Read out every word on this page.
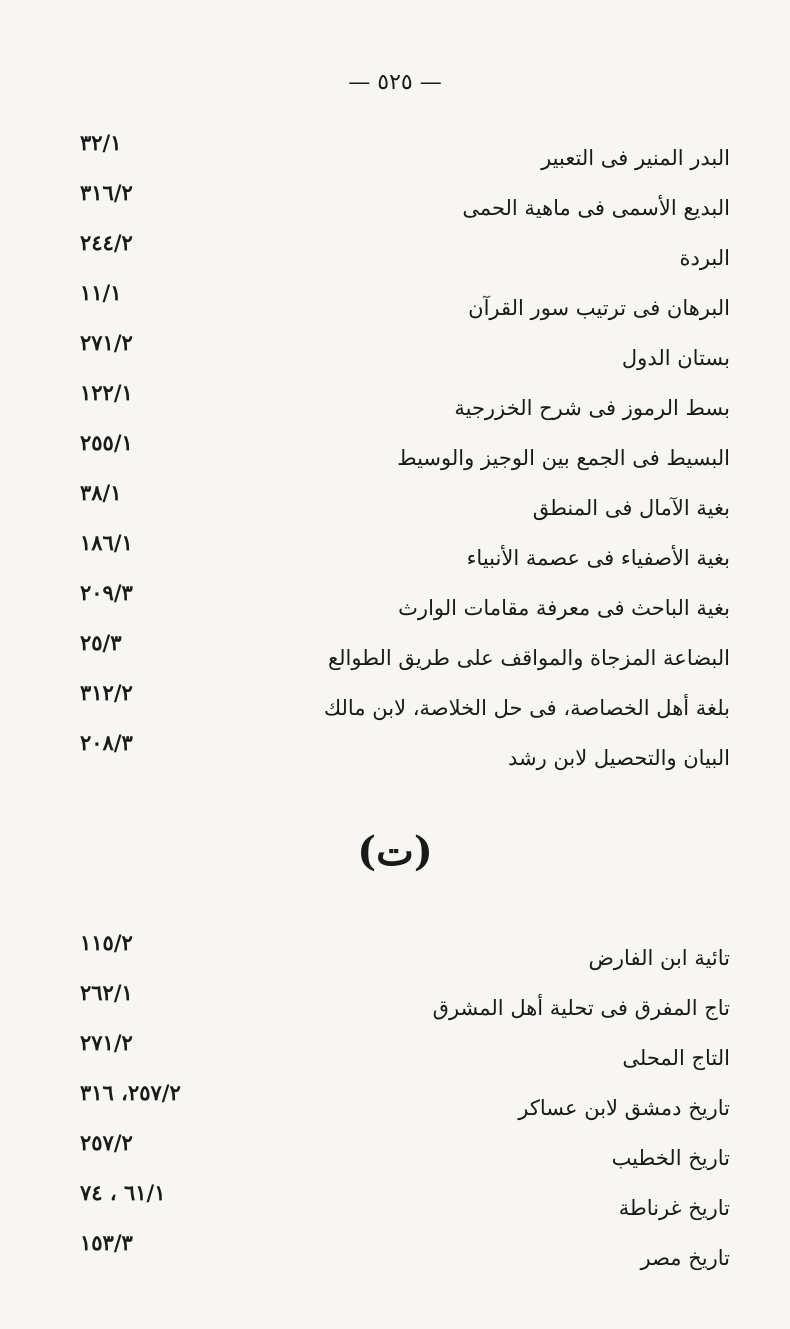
— ٥٢٥ —
٣٢/١
البدر المنير فى التعبير
٣١٦/٢
البديع الأسمى فى ماهية الحمى
٢٤٤/٢
البردة
١١/١
البرهان فى ترتيب سور القرآن
٢٧١/٢
بستان الدول
١٢٢/١
بسط الرموز فى شرح الخزرجية
٢٥٥/١
البسيط فى الجمع بين الوجيز والوسيط
٣٨/١
بغية الآمال فى المنطق
١٨٦/١
بغية الأصفياء فى عصمة الأنبياء
٢٠٩/٣
بغية الباحث فى معرفة مقامات الوارث
٢٥/٣
البضاعة المزجاة والمواقف على طريق الطوالع
٣١٢/٢
بلغة أهل الخصاصة، فى حل الخلاصة، لابن مالك
٢٠٨/٣
البيان والتحصيل لابن رشد
(ت)
١١٥/٢
تائية ابن الفارض
٢٦٢/١
تاج المفرق فى تحلية أهل المشرق
٢٧١/٢
التاج المحلى
٢٥٧/٢، ٣١٦
تاريخ دمشق لابن عساكر
٢٥٧/٢
تاريخ الخطيب
٦١/١ ، ٧٤
تاريخ غرناطة
١٥٣/٣
تاريخ مصر
